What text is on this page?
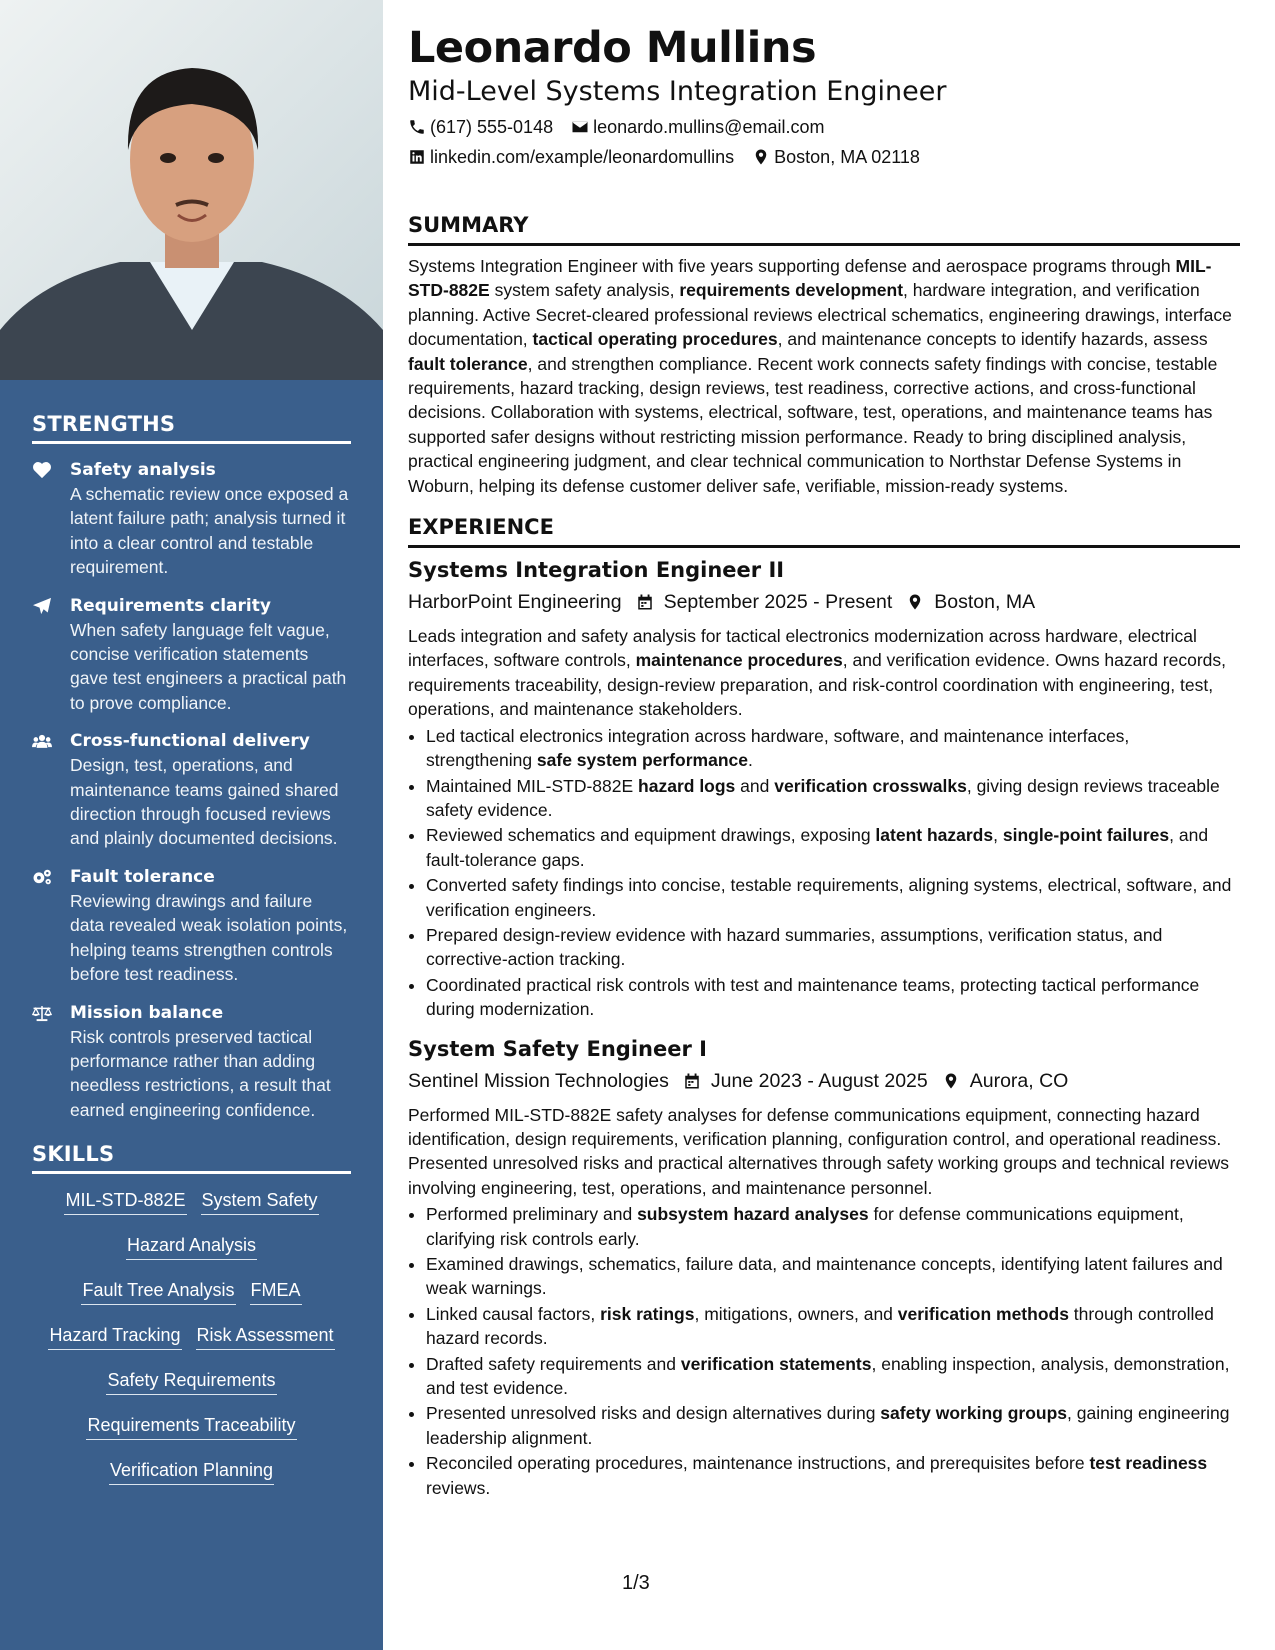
STRENGTHS
Safety analysis
A schematic review once exposed a latent failure path; analysis turned it into a clear control and testable requirement.
Requirements clarity
When safety language felt vague, concise verification statements gave test engineers a practical path to prove compliance.
Cross-functional delivery
Design, test, operations, and maintenance teams gained shared direction through focused reviews and plainly documented decisions.
Fault tolerance
Reviewing drawings and failure data revealed weak isolation points, helping teams strengthen controls before test readiness.
Mission balance
Risk controls preserved tactical performance rather than adding needless restrictions, a result that earned engineering confidence.
SKILLS
MIL-STD-882E System Safety
Hazard Analysis
Fault Tree Analysis FMEA
Hazard Tracking Risk Assessment
Safety Requirements
Requirements Traceability
Verification Planning
Leonardo Mullins
Mid-Level Systems Integration Engineer
(617) 555-0148 leonardo.mullins@email.com
linkedin.com/example/leonardomullins Boston, MA 02118
SUMMARY

Systems Integration Engineer with five years supporting defense and aerospace programs through MIL-STD-882E system safety analysis, requirements development, hardware integration, and verification planning. Active Secret-cleared professional reviews electrical schematics, engineering drawings, interface documentation, tactical operating procedures, and maintenance concepts to identify hazards, assess fault tolerance, and strengthen compliance. Recent work connects safety findings with concise, testable requirements, hazard tracking, design reviews, test readiness, corrective actions, and cross-functional decisions. Collaboration with systems, electrical, software, test, operations, and maintenance teams has supported safer designs without restricting mission performance. Ready to bring disciplined analysis, practical engineering judgment, and clear technical communication to Northstar Defense Systems in Woburn, helping its defense customer deliver safe, verifiable, mission-ready systems.

EXPERIENCE
Systems Integration Engineer II
HarborPoint Engineering September 2025 - Present Boston, MA

Leads integration and safety analysis for tactical electronics modernization across hardware, electrical interfaces, software controls, maintenance procedures, and verification evidence. Owns hazard records, requirements traceability, design-review preparation, and risk-control coordination with engineering, test, operations, and maintenance stakeholders.

• Led tactical electronics integration across hardware, software, and maintenance interfaces, strengthening safe system performance.
• Maintained MIL-STD-882E hazard logs and verification crosswalks, giving design reviews traceable safety evidence.
• Reviewed schematics and equipment drawings, exposing latent hazards, single-point failures, and fault-tolerance gaps.
• Converted safety findings into concise, testable requirements, aligning systems, electrical, software, and verification engineers.
• Prepared design-review evidence with hazard summaries, assumptions, verification status, and corrective-action tracking.
• Coordinated practical risk controls with test and maintenance teams, protecting tactical performance during modernization.
System Safety Engineer I
Sentinel Mission Technologies June 2023 - August 2025 Aurora, CO

Performed MIL-STD-882E safety analyses for defense communications equipment, connecting hazard identification, design requirements, verification planning, configuration control, and operational readiness. Presented unresolved risks and practical alternatives through safety working groups and technical reviews involving engineering, test, operations, and maintenance personnel.

• Performed preliminary and subsystem hazard analyses for defense communications equipment, clarifying risk controls early.
• Examined drawings, schematics, failure data, and maintenance concepts, identifying latent failures and weak warnings.
• Linked causal factors, risk ratings, mitigations, owners, and verification methods through controlled hazard records.
• Drafted safety requirements and verification statements, enabling inspection, analysis, demonstration, and test evidence.
• Presented unresolved risks and design alternatives during safety working groups, gaining engineering leadership alignment.
• Reconciled operating procedures, maintenance instructions, and prerequisites before test readiness reviews.
1/3
